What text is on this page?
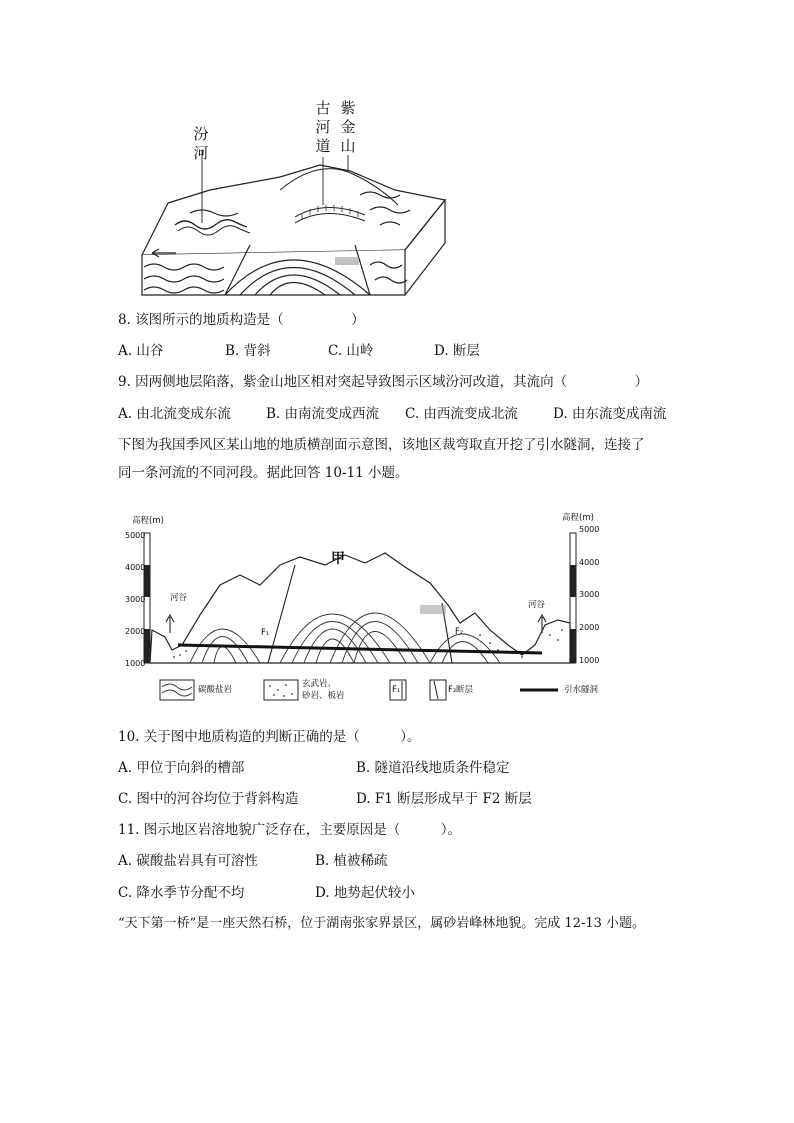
汾
河
古
河
道
紫
金
山
8. 该图所示的地质构造是（　　　　　）
A. 山谷	B. 背斜	C. 山岭	D. 断层
9. 因两侧地层陷落，紫金山地区相对突起导致图示区域汾河改道，其流向（　　　　　）
A. 由北流变成东流	B. 由南流变成西流 C. 由西流变成北流	D. 由东流变成南流
下图为我国季风区某山地的地质横剖面示意图，该地区裁弯取直开挖了引水隧洞，连接了
同一条河流的不同河段。据此回答 10-11 小题。
高程(m)	高程(m)
5000
4000
3000
2000
1000
5000
4000
3000
2000
1000
甲
河谷
河谷
F₁	F₂
碳酸盐岩
玄武岩、
砂岩、板岩
F₁	F₂ 断层	引水隧洞
10. 关于图中地质构造的判断正确的是（　　　）。
A. 甲位于向斜的槽部	B. 隧道沿线地质条件稳定
C. 图中的河谷均位于背斜构造	D. F1 断层形成早于 F2 断层
11. 图示地区岩溶地貌广泛存在，主要原因是（　　　）。
A. 碳酸盐岩具有可溶性	B. 植被稀疏
C. 降水季节分配不均	D. 地势起伏较小
“天下第一桥”是一座天然石桥，位于湖南张家界景区，属砂岩峰林地貌。完成 12-13 小题。
